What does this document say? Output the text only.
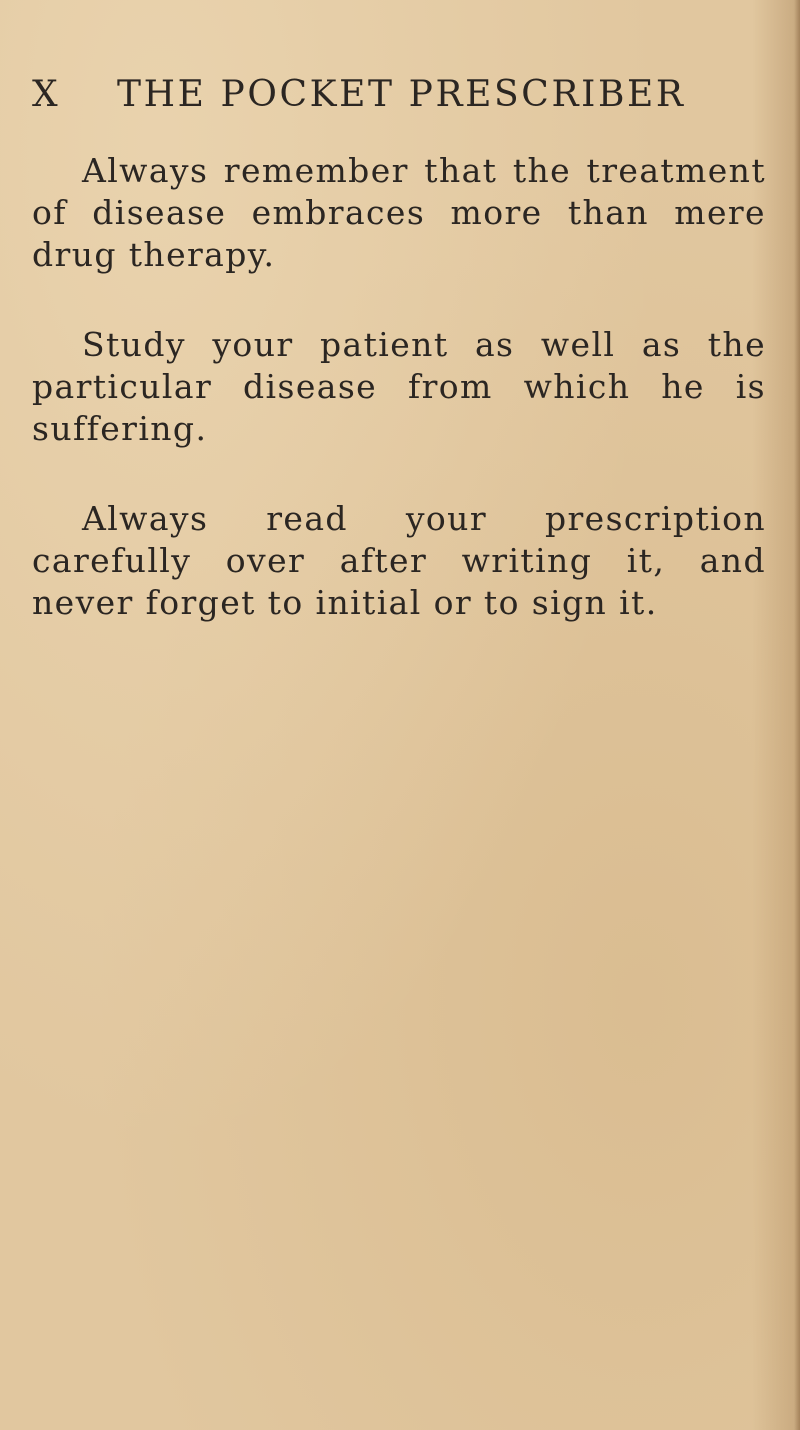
X THE POCKET PRESCRIBER

Always remember that the treatment of disease embraces more than mere drug therapy.

Study your patient as well as the particular disease from which he is suffering.

Always read your prescription carefully over after writing it, and never forget to initial or to sign it.
